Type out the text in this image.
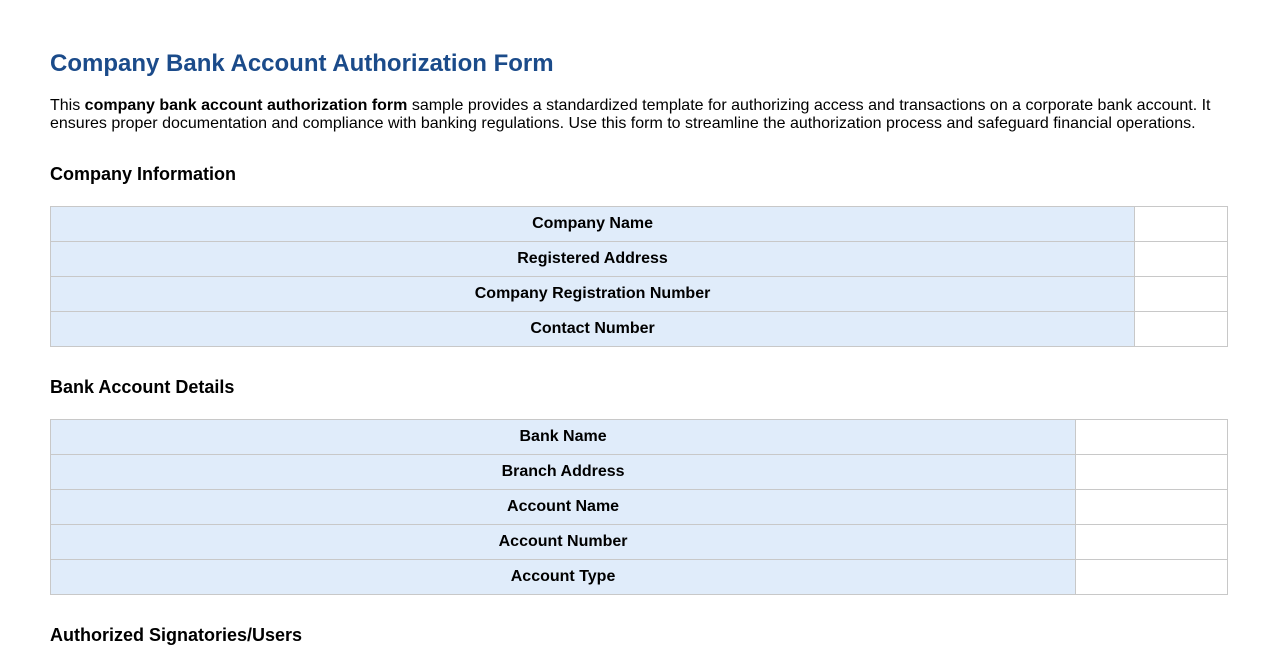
Company Bank Account Authorization Form

This company bank account authorization form sample provides a standardized template for authorizing access and transactions on a corporate bank account. It ensures proper documentation and compliance with banking regulations. Use this form to streamline the authorization process and safeguard financial operations.

Company Information
Company Name	
Registered Address	
Company Registration Number	
Contact Number	
Bank Account Details
Bank Name	
Branch Address	
Account Name	
Account Number	
Account Type	
Authorized Signatories/Users
